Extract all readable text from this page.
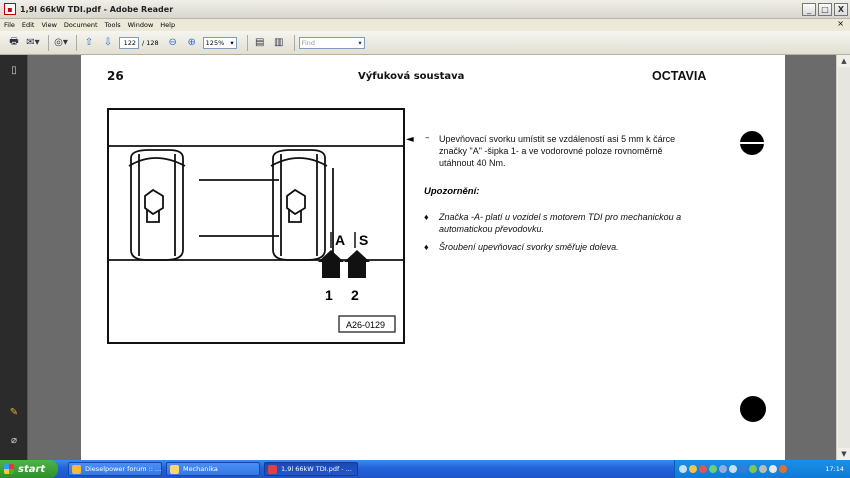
▪ 1,9l 66kW TDI.pdf - Adobe Reader	_	□	X
File Edit View Document Tools Window Help	×
🖶 ✉▾ ◎▾	⇧	⇩	122 / 128 ⊖	⊕	125% ▾	▤ ▥	Find	▾
▯
✎
⌀
26	Výfuková soustava	OCTAVIA
A S
1 2
A26-0129
◄ – Upevňovací svorku umístit se vzdáleností asi 5 mm k čárce značky "A" -šipka 1- a ve vodorovné poloze rovnoměrně utáhnout 40 Nm.
Upozornění:
♦ Značka -A- platí u vozidel s motorem TDI pro mechanickou a automatickou převodovku.
♦ Šroubení upevňovací svorky směřuje doleva.
▲
▼
start	Dieselpower forum :: ...	Mechanika	1,9l 66kW TDI.pdf - ...	17:14
